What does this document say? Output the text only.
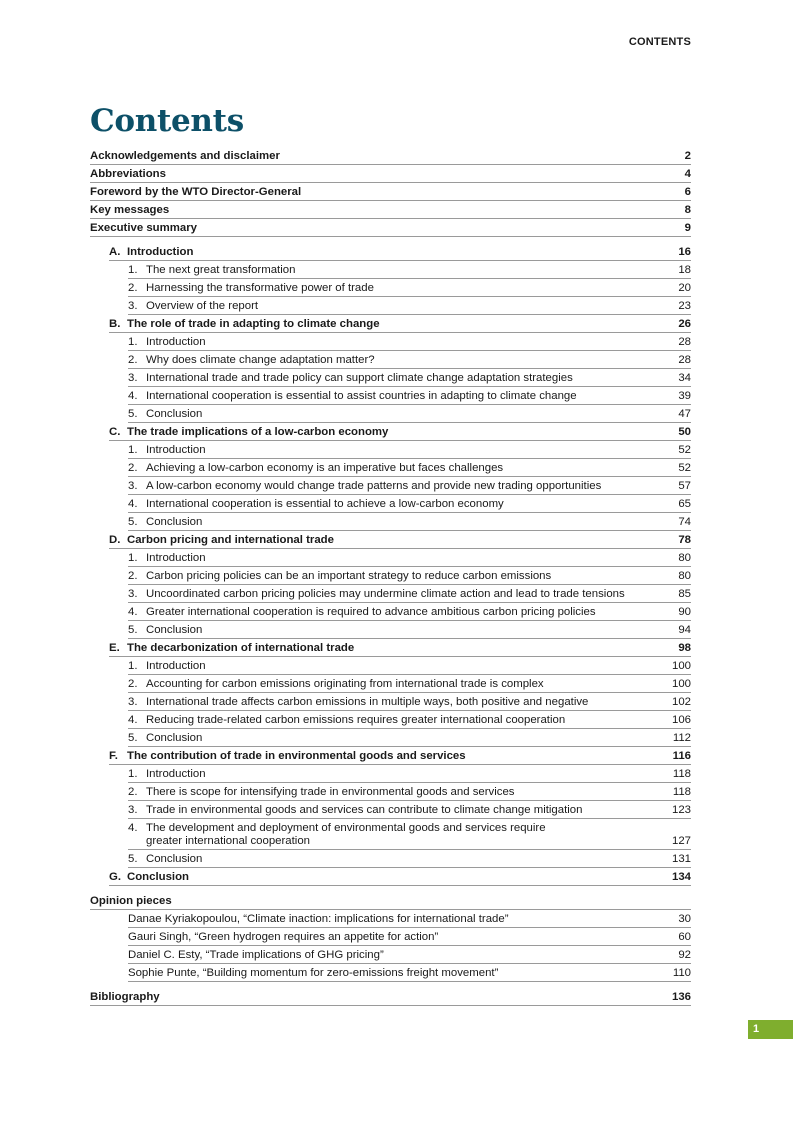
CONTENTS
Contents
Acknowledgements and disclaimer	2
Abbreviations	4
Foreword by the WTO Director-General	6
Key messages	8
Executive summary	9
A. Introduction	16
1. The next great transformation	18
2. Harnessing the transformative power of trade	20
3. Overview of the report	23
B. The role of trade in adapting to climate change	26
1. Introduction	28
2. Why does climate change adaptation matter?	28
3. International trade and trade policy can support climate change adaptation strategies	34
4. International cooperation is essential to assist countries in adapting to climate change	39
5. Conclusion	47
C. The trade implications of a low-carbon economy	50
1. Introduction	52
2. Achieving a low-carbon economy is an imperative but faces challenges	52
3. A low-carbon economy would change trade patterns and provide new trading opportunities	57
4. International cooperation is essential to achieve a low-carbon economy	65
5. Conclusion	74
D. Carbon pricing and international trade	78
1. Introduction	80
2. Carbon pricing policies can be an important strategy to reduce carbon emissions	80
3. Uncoordinated carbon pricing policies may undermine climate action and lead to trade tensions	85
4. Greater international cooperation is required to advance ambitious carbon pricing policies	90
5. Conclusion	94
E. The decarbonization of international trade	98
1. Introduction	100
2. Accounting for carbon emissions originating from international trade is complex	100
3. International trade affects carbon emissions in multiple ways, both positive and negative	102
4. Reducing trade-related carbon emissions requires greater international cooperation	106
5. Conclusion	112
F. The contribution of trade in environmental goods and services	116
1. Introduction	118
2. There is scope for intensifying trade in environmental goods and services	118
3. Trade in environmental goods and services can contribute to climate change mitigation	123
4. The development and deployment of environmental goods and services require
greater international cooperation	127
5. Conclusion	131
G. Conclusion	134
Opinion pieces
Danae Kyriakopoulou, “Climate inaction: implications for international trade”	30
Gauri Singh, “Green hydrogen requires an appetite for action”	60
Daniel C. Esty, “Trade implications of GHG pricing”	92
Sophie Punte, “Building momentum for zero-emissions freight movement”	110
Bibliography	136
1
